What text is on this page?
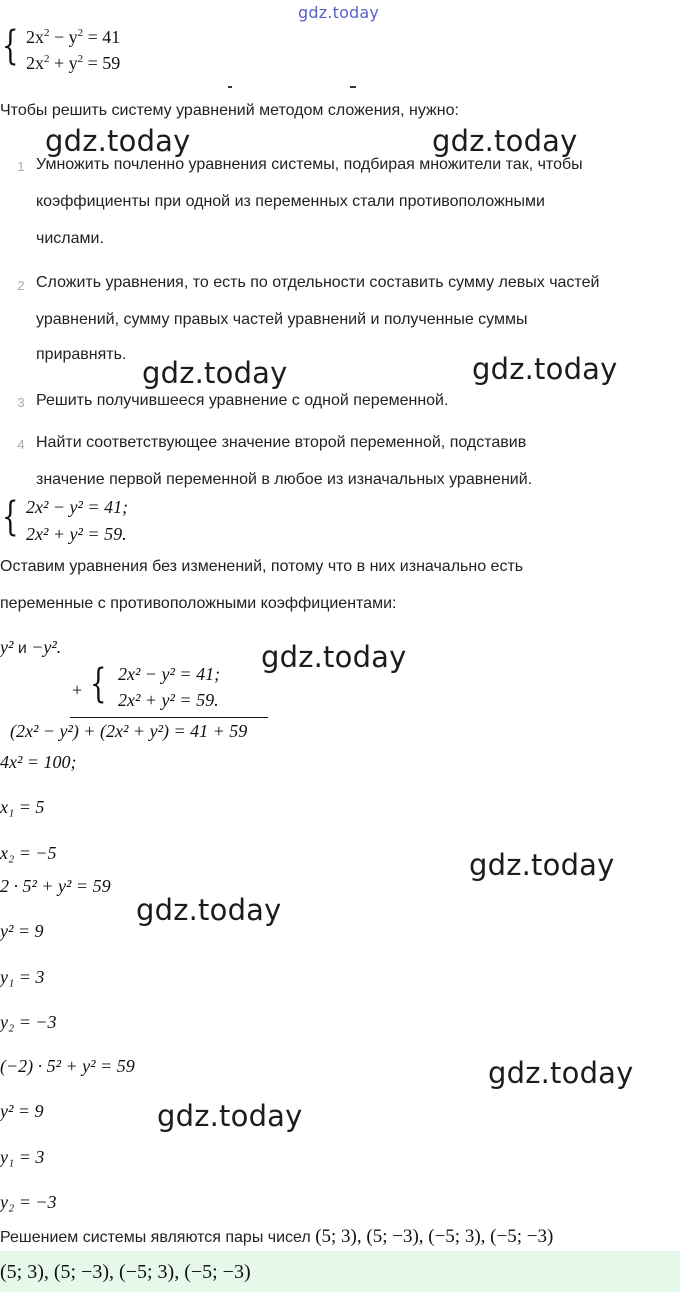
gdz.today
{ $2x^2 - y^2 = 41$
$2x^2 + y^2 = 59$
Чтобы решить систему уравнений методом сложения, нужно:
gdz.today	gdz.today
1 Умножить почленно уравнения системы, подбирая множители так, чтобы
коэффициенты при одной из переменных стали противоположными
числами.
2 Сложить уравнения, то есть по отдельности составить сумму левых частей
уравнений, сумму правых частей уравнений и полученные суммы
приравнять.
gdz.today	gdz.today
3 Решить получившееся уравнение с одной переменной.
4 Найти соответствующее значение второй переменной, подставив
значение первой переменной в любое из изначальных уравнений.
{ 2x² − y² = 41;
2x² + y² = 59.
Оставим уравнения без изменений, потому что в них изначально есть
переменные с противоположными коэффициентами:
y² и −y².	gdz.today
+ { 2x² − y² = 41;
2x² + y² = 59.
(2x² − y²) + (2x² + y²) = 41 + 59
4x² = 100;
x₁ = 5
x₂ = −5	gdz.today
2 · 5² + y² = 59
gdz.today
y² = 9
y₁ = 3
y₂ = −3
(−2) · 5² + y² = 59	gdz.today
y² = 9	gdz.today
y₁ = 3
y₂ = −3
Решением системы являются пары чисел (5; 3), (5; −3), (−5; 3), (−5; −3)
(5; 3), (5; −3), (−5; 3), (−5; −3)
